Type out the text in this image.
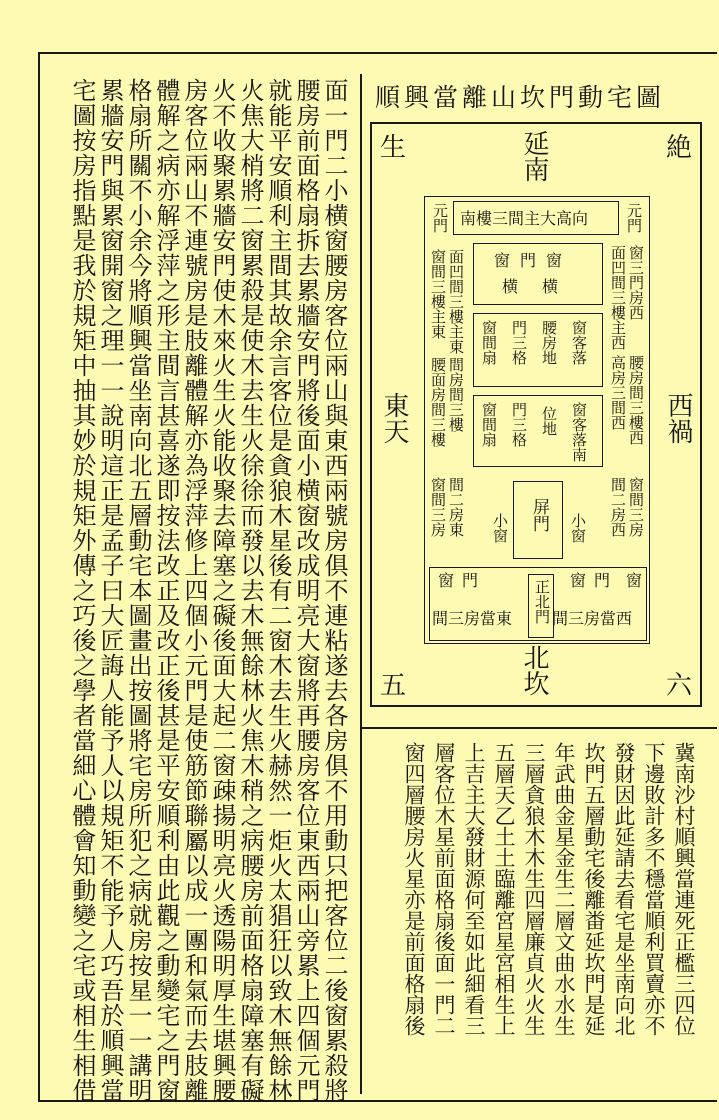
面一門二小横窗腰房客位兩山與東西兩號房俱不連粘遂去各房俱不用動只把客位二後窗累殺將
腰房前面格扇拆去累牆安門將後面小横窗改成明亮大窗將再腰房客位東西兩山旁累上四個元門
就能平安順利主間其故余言客位是貪狼木星後有二窗木去生火赫然一炬火太猖狂以致木無餘林
火焦大梢將二窗累殺是使木去生火徐徐而發以去木無餘林火焦木稍之病腰房前面格扇障塞有礙
火不收聚累牆安門使木來火生火能收聚去障塞之礙後面大起二窗疎揚明亮火透陽明厚生堪興腰
房客位兩山不連號房是肢離體解亦為浮萍修上四個小元門是使筋節聯屬以成一團和氣而去肢離
體解之病亦解浮萍之形主間言甚喜遂即按法改正及改正後甚是平安順利由此觀之動變宅之門窗
格扇所關不小余今將順興當坐南向北五層動宅本圖畫出按圖將宅房所犯之病就房按星一一講明
累牆安門與累窗開窗之理一一說明這正是孟子曰大匠誨人能予人以規矩不能予人巧吾於順興當
宅圖按房指點是我於規矩中抽其妙於規矩外傳之巧後之學者當細心體會知動變之宅或相生相借	順興當離山坎門動宅圖
生	絶
五	六
延南
北坎
東天	西禍
南樓三間主大高向
元門	元門
窗間三樓主東 面凹間三樓主東	窗三門房西
面凹間三樓主西
腰面房間三樓 間房間三樓	腰房間三樓西
高房三間西
窗門窗
横横
窗間扇 門三格 腰房地 窗客落
窗間扇 門三格 位地 窗客落南
窗間三房 間二房東	窗間三房
間二房西
屏門
小窗	小窗
窗門	窗門 窗
間三房當東 間三房當西
正北門
冀南沙村順興當連死正檻三四位
下邊敗計多不穩當順利買賣亦不
發財因此延請去看宅是坐南向北
坎門五層動宅後離畨延坎門是延
年武曲金星金生二層文曲水水生
三層貪狼木木生四層廉貞火火生
五層天乙土土臨離宮星宮相生上
上吉主大發財源何至如此細看三
層客位木星前面格扇後面一門二
窗四層腰房火星亦是前面格扇後
